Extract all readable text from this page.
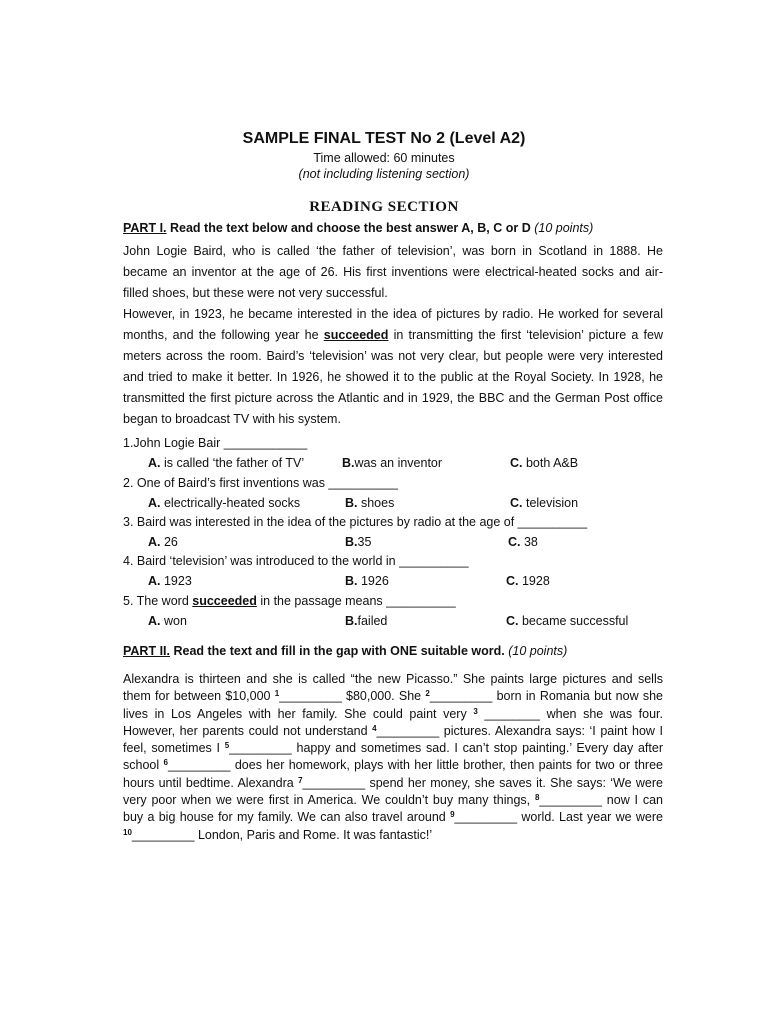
SAMPLE FINAL TEST No 2 (Level A2)
Time allowed: 60 minutes
(not including listening section)
READING SECTION
PART I. Read the text below and choose the best answer A, B, C or D (10 points)

John Logie Baird, who is called ‘the father of television’, was born in Scotland in 1888. He became an inventor at the age of 26. His first inventions were electrical-heated socks and air-filled shoes, but these were not very successful.

However, in 1923, he became interested in the idea of pictures by radio. He worked for several months, and the following year he succeeded in transmitting the first ‘television’ picture a few meters across the room. Baird’s ‘television’ was not very clear, but people were very interested and tried to make it better. In 1926, he showed it to the public at the Royal Society. In 1928, he transmitted the first picture across the Atlantic and in 1929, the BBC and the German Post office began to broadcast TV with his system.

1.John Logie Bair ____________
A. is called ‘the father of TV’	B.was an inventor	C. both A&B
2. One of Baird’s first inventions was __________
A. electrically-heated socks	B. shoes	C. television
3. Baird was interested in the idea of the pictures by radio at the age of __________
A. 26	B.35	C. 38
4. Baird ‘television’ was introduced to the world in __________
A. 1923	B. 1926	C. 1928
5. The word succeeded in the passage means __________
A. won	B.failed	C. became successful
PART II. Read the text and fill in the gap with ONE suitable word. (10 points)
Alexandra is thirteen and she is called “the new Picasso.” She paints large pictures and sells them for between $10,000 $^1$_________ $80,000. She $^2$_________ born in Romania but now she lives in Los Angeles with her family. She could paint very $^3$ ________ when she was four. However, her parents could not understand $^4$_________ pictures. Alexandra says: ‘I paint how I feel, sometimes I $^5$_________ happy and sometimes sad. I can’t stop painting.’ Every day after school $^6$_________ does her homework, plays with her little brother, then paints for two or three hours until bedtime. Alexandra $^7$_________ spend her money, she saves it. She says: ‘We were very poor when we were first in America. We couldn’t buy many things, $^8$_________ now I can buy a big house for my family. We can also travel around $^9$_________ world. Last year we were $^{10}$_________ London, Paris and Rome. It was fantastic!’
